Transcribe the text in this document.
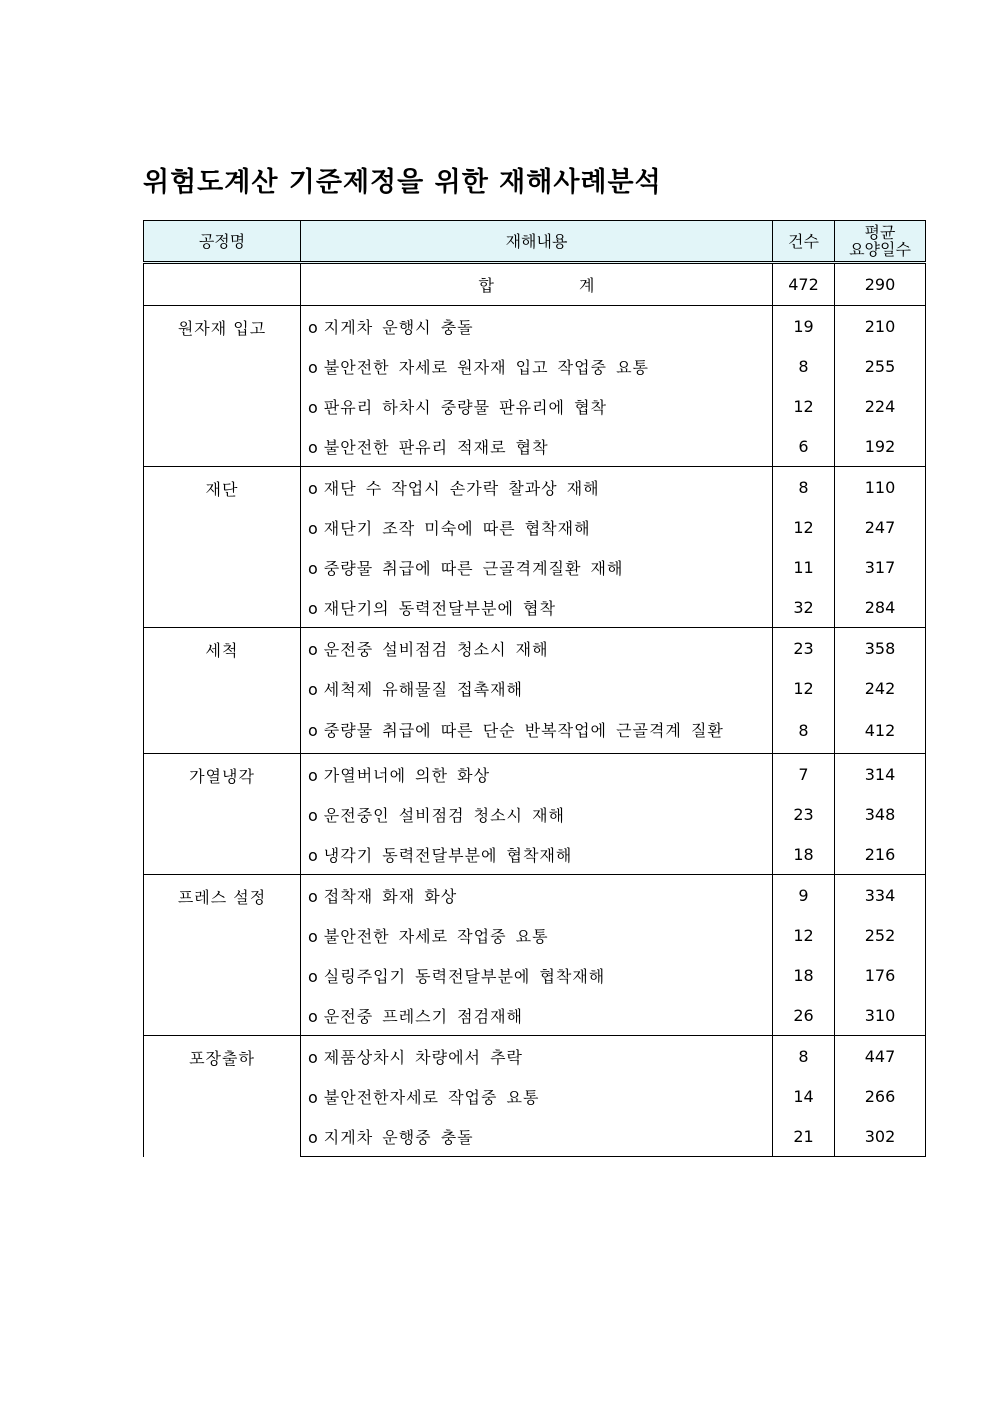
위험도계산 기준제정을 위한 재해사례분석
공정명	재해내용	건수	평균
요양일수

	합 계	472	290
원자재 입고	o 지게차 운행시 충돌	19	210
	o 불안전한 자세로 원자재 입고 작업중 요통	8	255
	o 판유리 하차시 중량물 판유리에 협착	12	224
	o 불안전한 판유리 적재로 협착	6	192
재단	o 재단 수 작업시 손가락 찰과상 재해	8	110
	o 재단기 조작 미숙에 따른 협착재해	12	247
	o 중량물 취급에 따른 근골격계질환 재해	11	317
	o 재단기의 동력전달부분에 협착	32	284
세척	o 운전중 설비점검 청소시 재해	23	358
	o 세척제 유해물질 접촉재해	12	242
	o 중량물 취급에 따른 단순 반복작업에 근골격계 질환	8	412
가열냉각	o 가열버너에 의한 화상	7	314
	o 운전중인 설비점검 청소시 재해	23	348
	o 냉각기 동력전달부분에 협착재해	18	216
프레스 설정	o 접착재 화재 화상	9	334
	o 불안전한 자세로 작업중 요통	12	252
	o 실링주입기 동력전달부분에 협착재해	18	176
	o 운전중 프레스기 점검재해	26	310
포장출하	o 제품상차시 차량에서 추락	8	447
	o 불안전한자세로 작업중 요통	14	266
	o 지게차 운행중 충돌	21	302
